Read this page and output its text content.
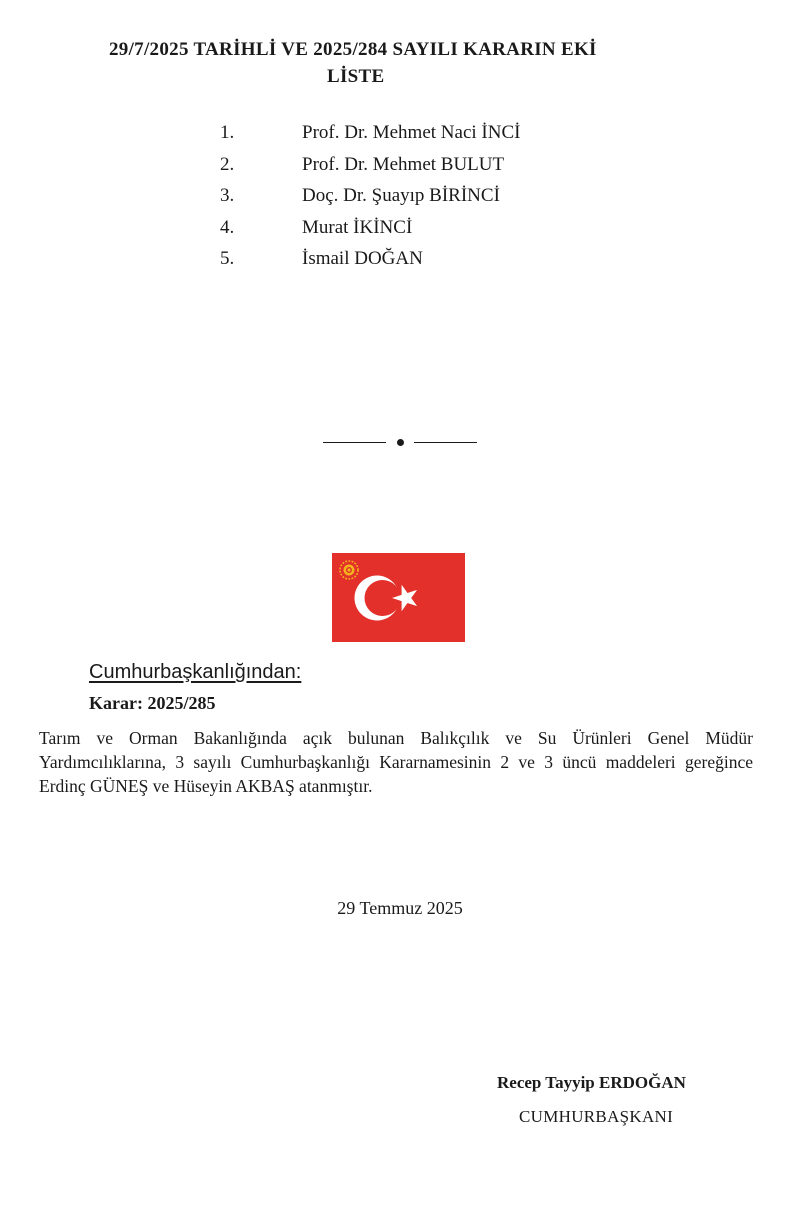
29/7/2025 TARİHLİ VE 2025/284 SAYILI KARARIN EKİ
LİSTE
1.	Prof. Dr. Mehmet Naci İNCİ
2.	Prof. Dr. Mehmet BULUT
3.	Doç. Dr. Şuayıp BİRİNCİ
4.	Murat İKİNCİ
5.	İsmail DOĞAN
Cumhurbaşkanlığından:
Karar: 2025/285
Tarım ve Orman Bakanlığında açık bulunan Balıkçılık ve Su Ürünleri Genel Müdür Yardımcılıklarına, 3 sayılı Cumhurbaşkanlığı Kararnamesinin 2 ve 3 üncü maddeleri gereğince Erdinç GÜNEŞ ve Hüseyin AKBAŞ atanmıştır.
29 Temmuz 2025
Recep Tayyip ERDOĞAN
CUMHURBAŞKANI
